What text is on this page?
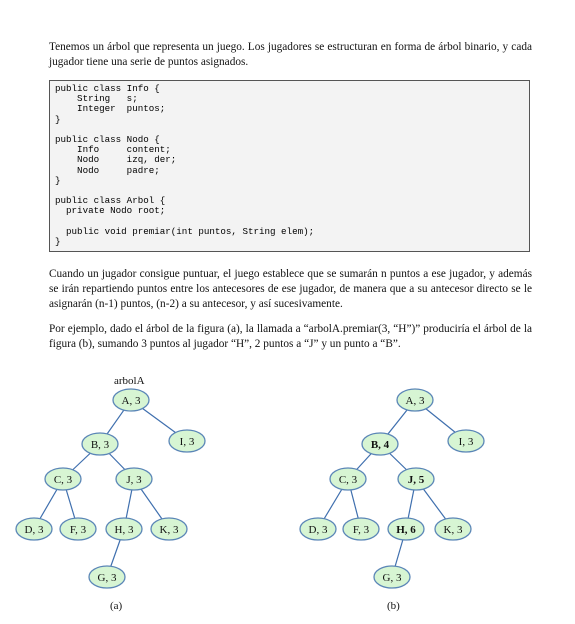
Tenemos un árbol que representa un juego. Los jugadores se estructuran en forma de árbol binario, y cada jugador tiene una serie de puntos asignados.

public class Info {
String   s;
Integer  puntos;
}

public class Nodo {
Info     content;
Nodo     izq, der;
Nodo     padre;
}

public class Arbol {
private Nodo root;

public void premiar(int puntos, String elem);
}

Cuando un jugador consigue puntuar, el juego establece que se sumarán n puntos a ese jugador, y además se irán repartiendo puntos entre los antecesores de ese jugador, de manera que a su antecesor directo se le asignarán (n-1) puntos, (n-2) a su antecesor, y así sucesivamente.

Por ejemplo, dado el árbol de la figura (a), la llamada a “arbolA.premiar(3, “H”)” produciría el árbol de la figura (b), sumando 3 puntos al jugador “H”, 2 puntos a “J” y un punto a “B”.

arbolA
A, 3
B, 3	I, 3
C, 3	J, 3
D, 3 F, 3	H, 3 K, 3
G, 3
A, 3
B, 4	I, 3
C, 3	J, 5
D, 3 F, 3 H, 6	K, 3
G, 3
(a)	(b)
